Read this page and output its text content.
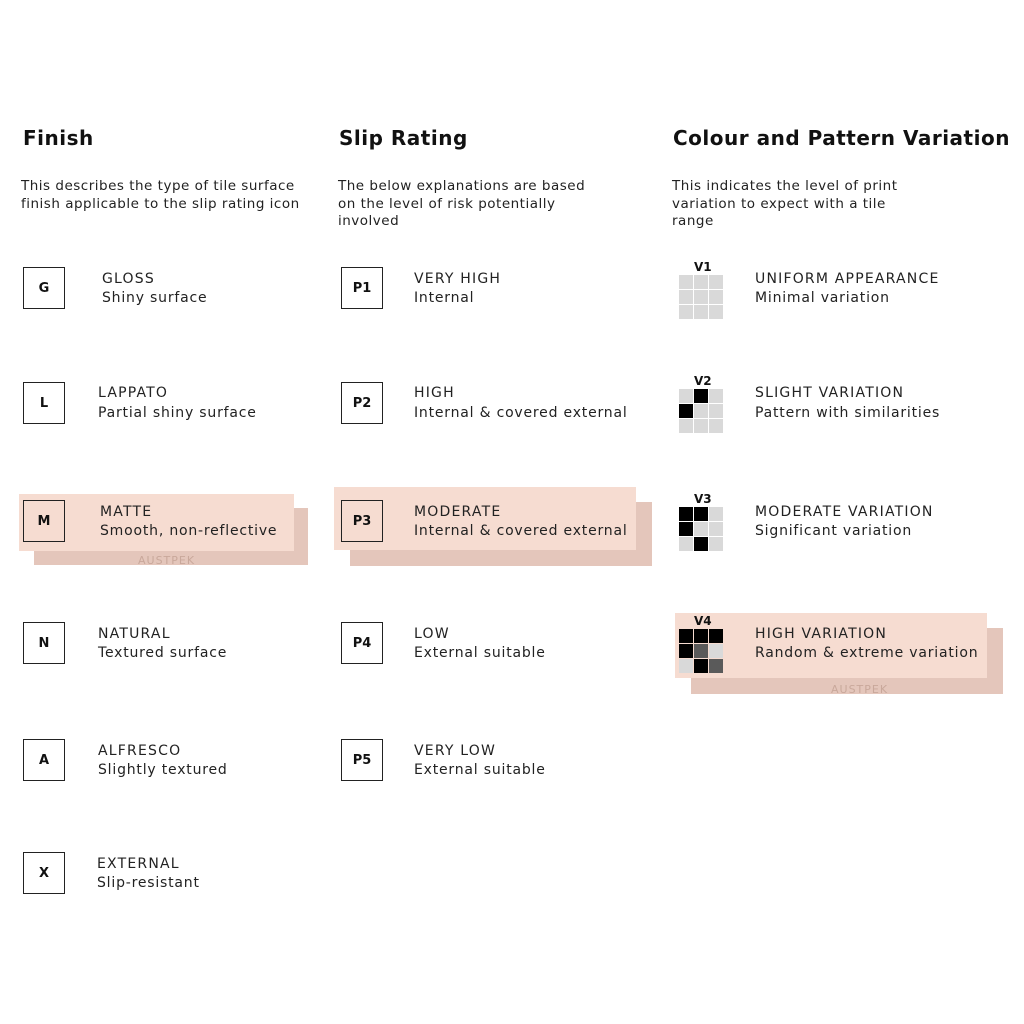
Finish
This describes the type of tile surface finish applicable to the slip rating icon
AUSTPEK
G
GLOSS
Shiny surface
L
LAPPATO
Partial shiny surface
M
MATTE
Smooth, non-reflective
N
NATURAL
Textured surface
A
ALFRESCO
Slightly textured
X
EXTERNAL
Slip-resistant
Slip Rating
The below explanations are based on the level of risk potentially involved
P1
VERY HIGH
Internal
P2
HIGH
Internal & covered external
P3
MODERATE
Internal & covered external
P4
LOW
External suitable
P5
VERY LOW
External suitable
Colour and Pattern Variation
This indicates the level of print variation to expect with a tile range
AUSTPEK
V1
UNIFORM APPEARANCE
Minimal variation
V2
SLIGHT VARIATION
Pattern with similarities
V3
MODERATE VARIATION
Significant variation
V4
HIGH VARIATION
Random & extreme variation
